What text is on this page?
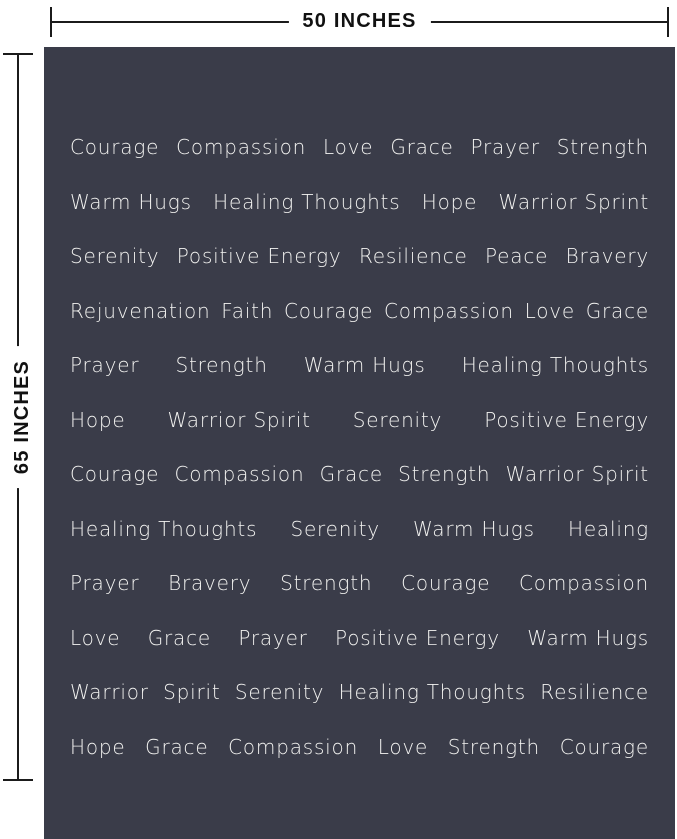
50 INCHES
65 INCHES
Courage Compassion Love Grace Prayer Strength
Warm Hugs Healing Thoughts Hope Warrior Sprint
Serenity Positive Energy Resilience Peace Bravery
Rejuvenation Faith Courage Compassion Love Grace
Prayer Strength Warm Hugs Healing Thoughts
Hope Warrior Spirit Serenity Positive Energy
Courage Compassion Grace Strength Warrior Spirit
Healing Thoughts Serenity Warm Hugs Healing
Prayer Bravery Strength Courage Compassion
Love Grace Prayer Positive Energy Warm Hugs
Warrior Spirit Serenity Healing Thoughts Resilience
Hope Grace Compassion Love Strength Courage
